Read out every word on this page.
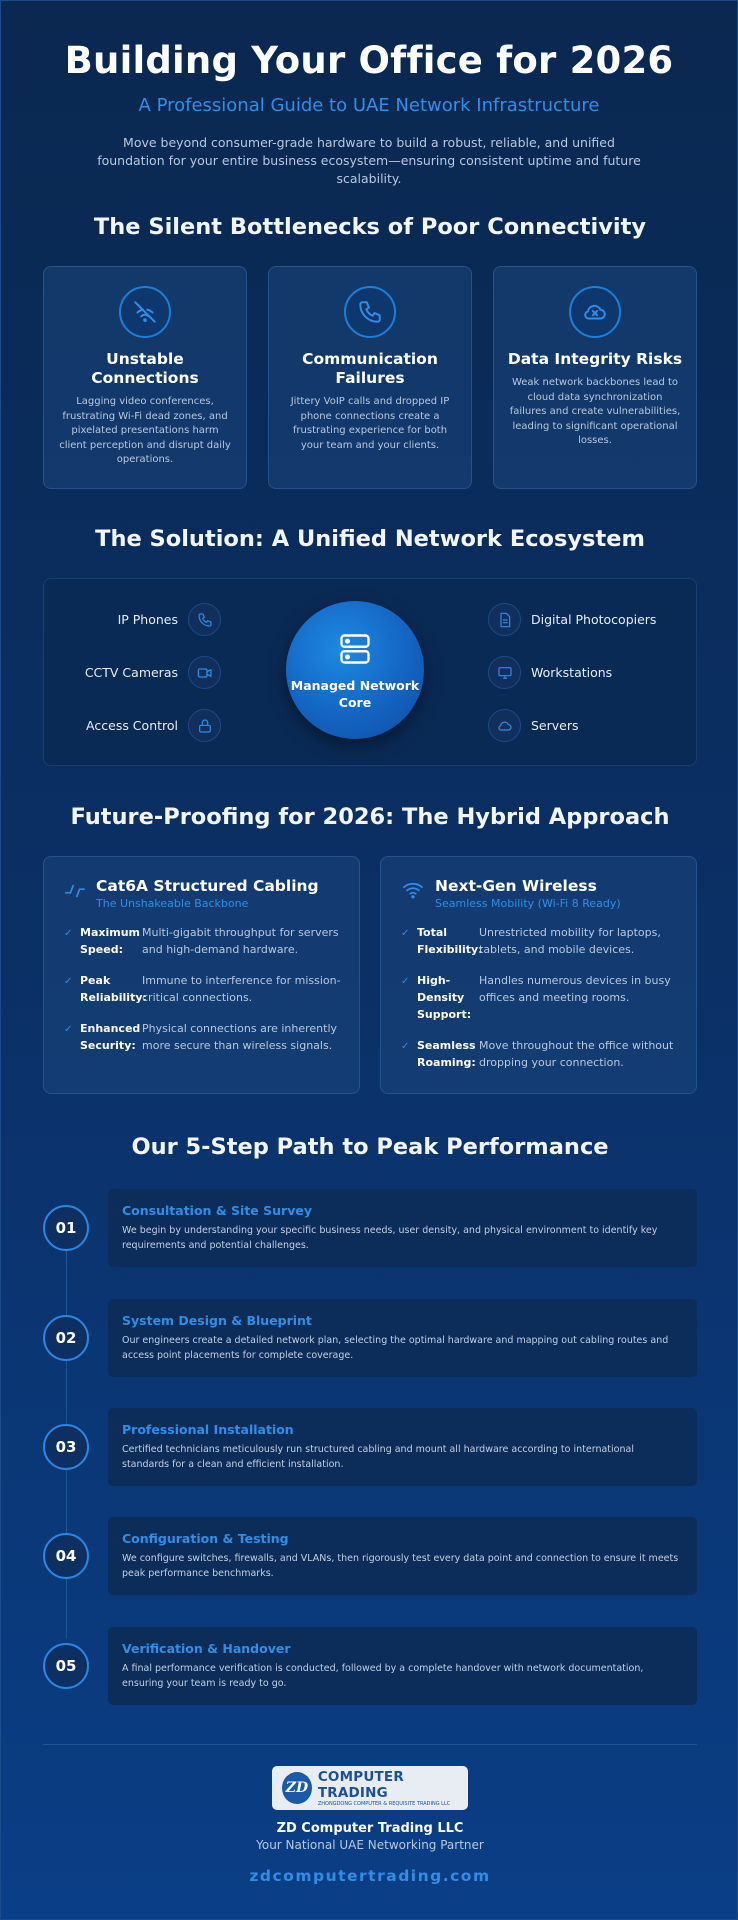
Building Your Office for 2026
A Professional Guide to UAE Network Infrastructure

Move beyond consumer-grade hardware to build a robust, reliable, and unified foundation for your entire business ecosystem—ensuring consistent uptime and future scalability.

The Silent Bottlenecks of Poor Connectivity
Unstable Connections

Lagging video conferences, frustrating Wi-Fi dead zones, and pixelated presentations harm client perception and disrupt daily operations.

Communication Failures

Jittery VoIP calls and dropped IP phone connections create a frustrating experience for both your team and your clients.

Data Integrity Risks

Weak network backbones lead to cloud data synchronization failures and create vulnerabilities, leading to significant operational losses.

The Solution: A Unified Network Ecosystem
IP Phones
CCTV Cameras
Access Control
Managed Network Core
Digital Photocopiers
Workstations
Servers
Future-Proofing for 2026: The Hybrid Approach
Cat6A Structured Cabling
The Unshakeable Backbone
✓ Maximum Speed:
Multi-gigabit throughput for servers and high-demand hardware.
✓ Peak Reliability:
Immune to interference for mission-critical connections.
✓ Enhanced Security:
Physical connections are inherently more secure than wireless signals.
Next-Gen Wireless
Seamless Mobility (Wi-Fi 8 Ready)
✓ Total Flexibility:
Unrestricted mobility for laptops, tablets, and mobile devices.
✓ High-Density Support:
Handles numerous devices in busy offices and meeting rooms.
✓ Seamless Roaming:
Move throughout the office without dropping your connection.
Our 5-Step Path to Peak Performance
01
Consultation & Site Survey

We begin by understanding your specific business needs, user density, and physical environment to identify key requirements and potential challenges.

02
System Design & Blueprint

Our engineers create a detailed network plan, selecting the optimal hardware and mapping out cabling routes and access point placements for complete coverage.

03
Professional Installation

Certified technicians meticulously run structured cabling and mount all hardware according to international standards for a clean and efficient installation.

04
Configuration & Testing

We configure switches, firewalls, and VLANs, then rigorously test every data point and connection to ensure it meets peak performance benchmarks.

05
Verification & Handover

A final performance verification is conducted, followed by a complete handover with network documentation, ensuring your team is ready to go.

ZD
COMPUTER TRADING
ZHONGDONG COMPUTER & REQUISITE TRADING LLC
ZD Computer Trading LLC
Your National UAE Networking Partner
zdcomputertrading.com
